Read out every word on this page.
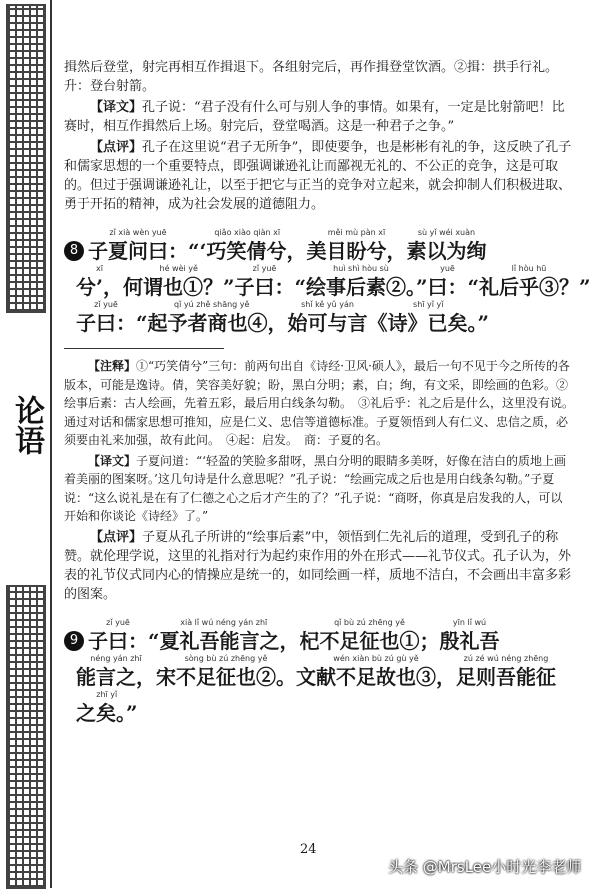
论语

揖然后登堂，射完再相互作揖退下。各组射完后，再作揖登堂饮酒。②揖：拱手行礼。　升：登台射箭。

【译文】孔子说：“君子没有什么可与别人争的事情。如果有，一定是比射箭吧！比赛时，相互作揖然后上场。射完后，登堂喝酒。这是一种君子之争。”

【点评】孔子在这里说“君子无所争”，即使要争，也是彬彬有礼的争，这反映了孔子和儒家思想的一个重要特点，即强调谦逊礼让而鄙视无礼的、不公正的竞争，这是可取的。但过于强调谦逊礼让，以至于把它与正当的竞争对立起来，就会抑制人们积极进取、勇于开拓的精神，成为社会发展的道德阻力。

8
zǐ xià wèn yuē
子夏问曰：
qiǎo xiào qiàn xī
“‘巧笑倩兮，
měi mù pàn xī
美目盼兮，
sù yǐ wéi xuàn
素以为绚
xī
兮’，
hé wèi yě
何谓也①？”
zǐ yuē
子曰：
huì shì hòu sù
“绘事后素②。”
yuē
曰：
lǐ hòu hū
“礼后乎③？”
zǐ yuē
子曰：
qǐ yú zhě shāng yě
“起予者商也④，
shǐ kě yǔ yán
始可与言
shī yǐ yǐ
《诗》已矣。”

【注释】①“巧笑倩兮”三句：前两句出自《诗经·卫风·硕人》，最后一句不见于今之所传的各版本，可能是逸诗。倩，笑容美好貌；盼，黑白分明；素，白；绚，有文采，即绘画的色彩。②绘事后素：古人绘画，先着五彩，最后用白线条勾勒。　③礼后乎：礼之后是什么，这里没有说。通过对话和儒家思想可推知，应是仁义、忠信等道德标准。子夏领悟到人有仁义、忠信之质，必须要由礼来加强，故有此问。　④起：启发。　商：子夏的名。

【译文】子夏问道：“‘轻盈的笑脸多甜呀，黑白分明的眼睛多美呀，好像在洁白的质地上画着美丽的图案呀。’这几句诗是什么意思呢？”孔子说：“绘画完成之后也是用白线条勾勒。”子夏说：“这么说礼是在有了仁德之心之后才产生的了？”孔子说：“商呀，你真是启发我的人，可以开始和你谈论《诗经》了。”

【点评】子夏从孔子所讲的“绘事后素”中，领悟到仁先礼后的道理，受到孔子的称赞。就伦理学说，这里的礼指对行为起约束作用的外在形式——礼节仪式。孔子认为，外表的礼节仪式同内心的情操应是统一的，如同绘画一样，质地不洁白，不会画出丰富多彩的图案。

9
zǐ yuē
子曰：
xià lǐ wú néng yán zhī
“夏礼吾能言之，
qǐ bù zú zhēng yě
杞不足征也①；
yīn lǐ wú
殷礼吾
néng yán zhī
能言之，
sòng bù zú zhēng yě
宋不足征也②。
wén xiàn bù zú gù yě
文献不足故也③，
zú zé wú néng zhēng
足则吾能征
zhī yǐ
之矣。”
24
头条 @MrsLee小时光李老师
